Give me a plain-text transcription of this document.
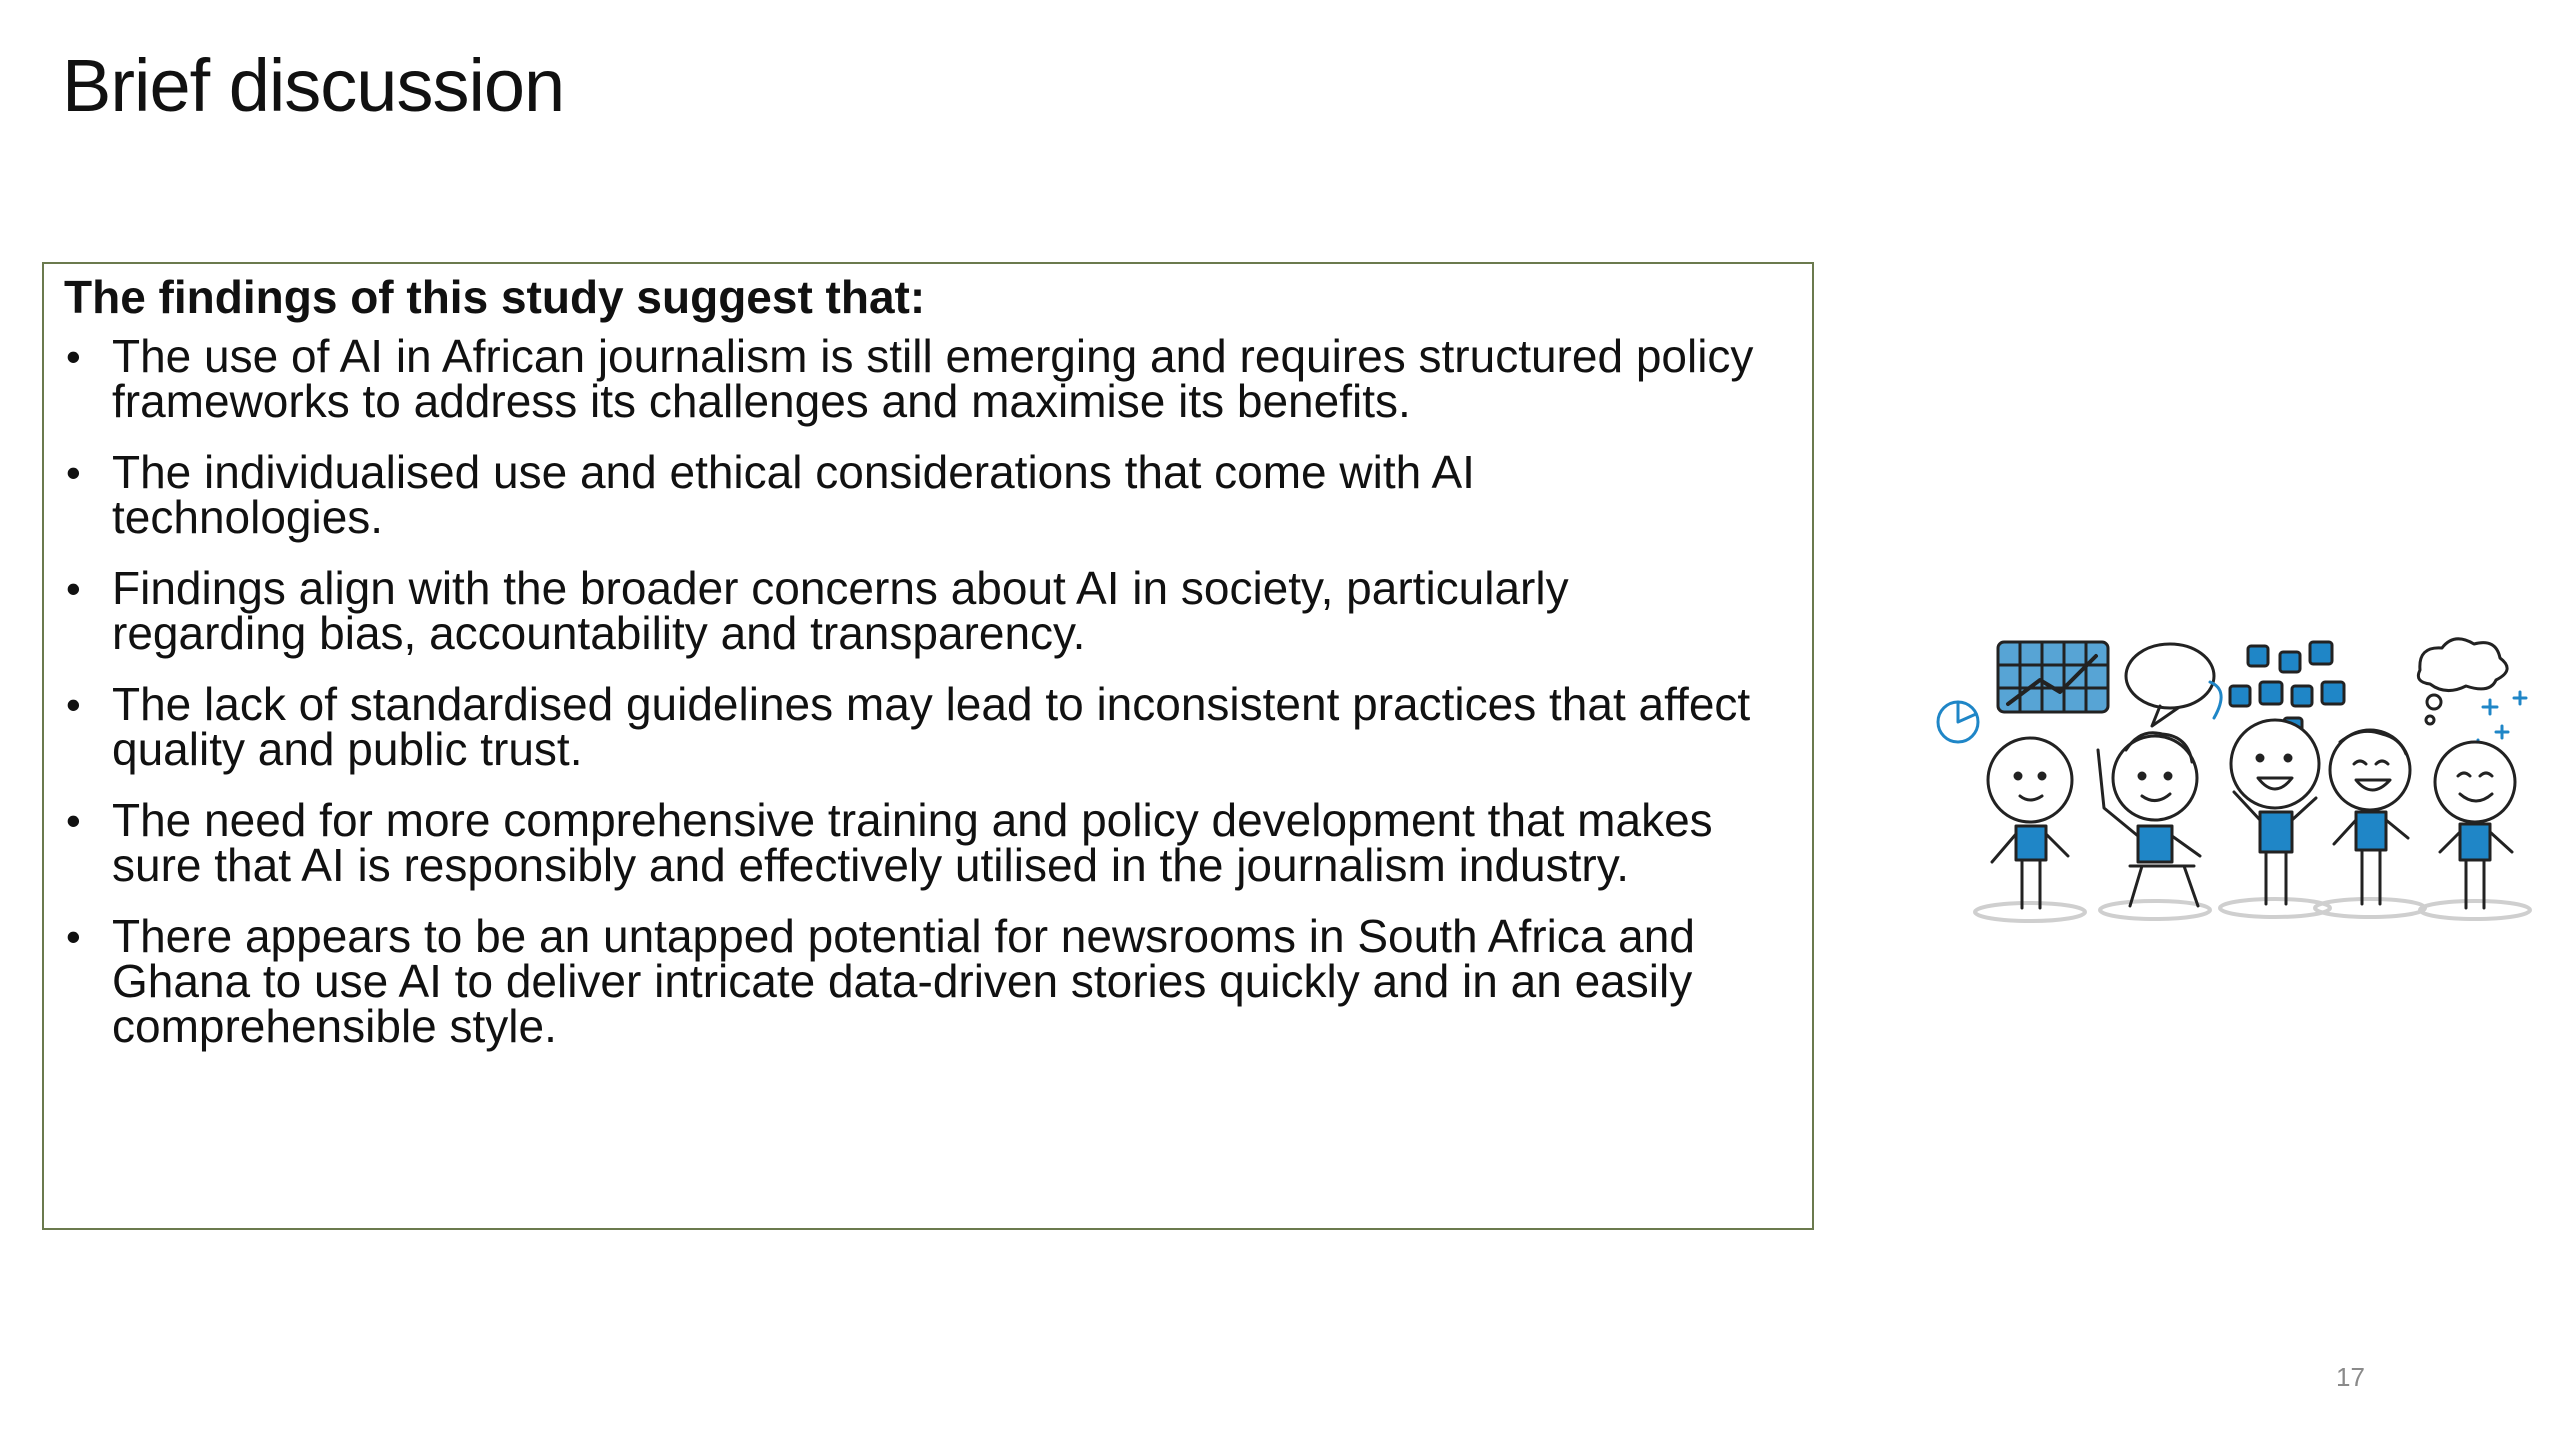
Brief discussion

The findings of this study suggest that:

• The use of AI in African journalism is still emerging and requires structured policy frameworks to address its challenges and maximise its benefits.
• The individualised use and ethical considerations that come with AI technologies.
• Findings align with the broader concerns about AI in society, particularly regarding bias, accountability and transparency.
• The lack of standardised guidelines may lead to inconsistent practices that affect quality and public trust.
• The need for more comprehensive training and policy development that makes sure that AI is responsibly and effectively utilised in the journalism industry.
• There appears to be an untapped potential for newsrooms in South Africa and Ghana to use AI to deliver intricate data-driven stories quickly and in an easily comprehensible style.
17
